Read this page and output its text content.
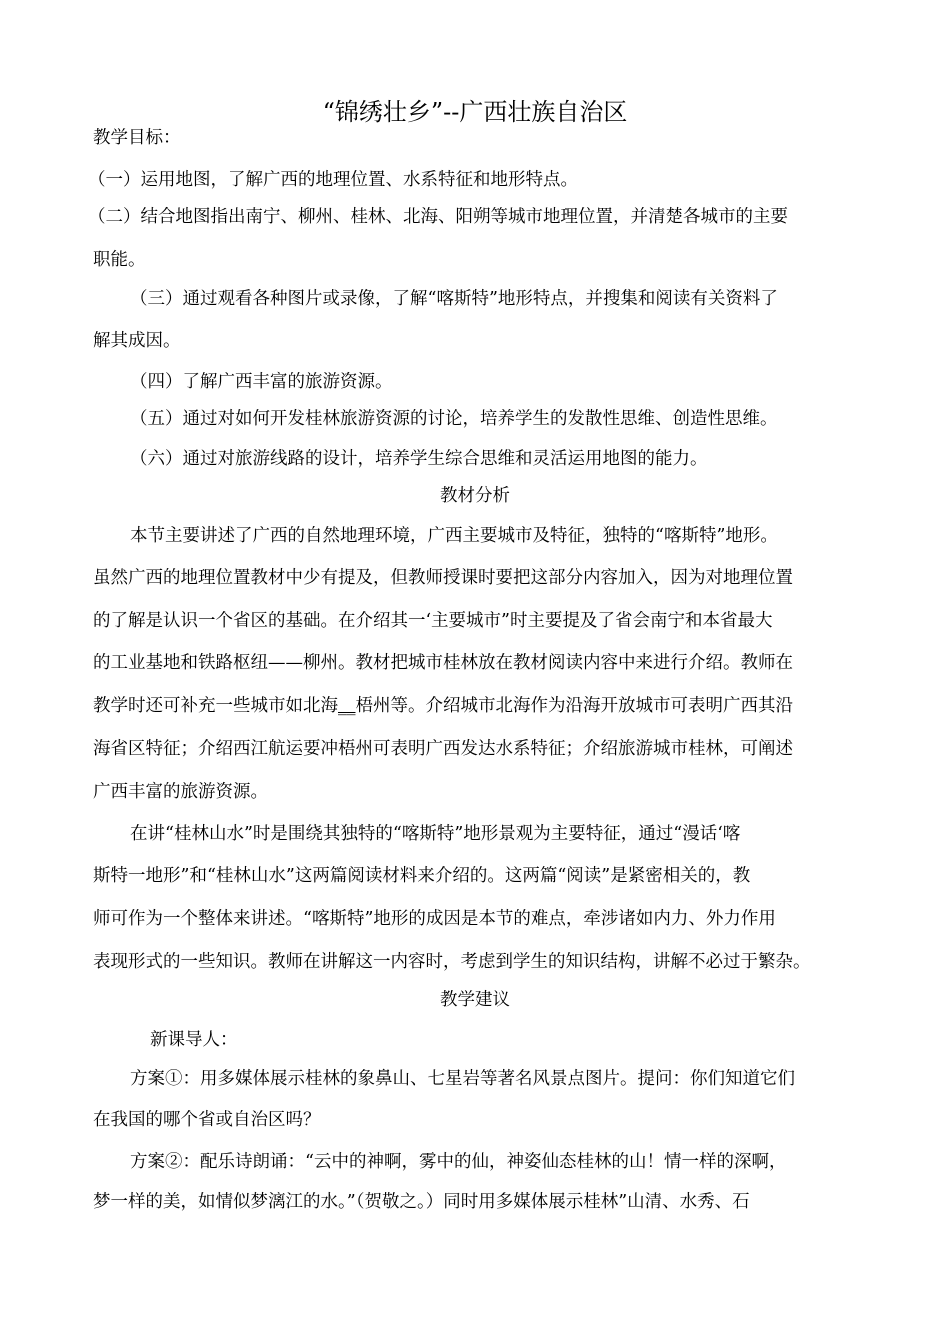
“锦绣壮乡”--广西壮族自治区

教学目标：

（一）运用地图，了解广西的地理位置、水系特征和地形特点。

（二）结合地图指出南宁、柳州、桂林、北海、阳朔等城市地理位置，并清楚各城市的主要

职能。

（三）通过观看各种图片或录像，了解“喀斯特”地形特点，并搜集和阅读有关资料了

解其成因。

（四）了解广西丰富的旅游资源。

（五）通过对如何开发桂林旅游资源的讨论，培养学生的发散性思维、创造性思维。

（六）通过对旅游线路的设计，培养学生综合思维和灵活运用地图的能力。

教材分析

本节主要讲述了广西的自然地理环境，广西主要城市及特征，独特的“喀斯特”地形。

虽然广西的地理位置教材中少有提及，但教师授课时要把这部分内容加入，因为对地理位置

的了解是认识一个省区的基础。在介绍其一‘主要城市”时主要提及了省会南宁和本省最大

的工业基地和铁路枢纽——柳州。教材把城市桂林放在教材阅读内容中来进行介绍。教师在

教学时还可补充一些城市如北海__梧州等。介绍城市北海作为沿海开放城市可表明广西其沿

海省区特征；介绍西江航运要冲梧州可表明广西发达水系特征；介绍旅游城市桂林，可阐述

广西丰富的旅游资源。

在讲“桂林山水”时是围绕其独特的“喀斯特”地形景观为主要特征，通过“漫话‘喀

斯特一地形”和“桂林山水”这两篇阅读材料来介绍的。这两篇“阅读”是紧密相关的，教

师可作为一个整体来讲述。“喀斯特”地形的成因是本节的难点，牵涉诸如内力、外力作用

表现形式的一些知识。教师在讲解这一内容时，考虑到学生的知识结构，讲解不必过于繁杂。

教学建议

新课导人：

方案①：用多媒体展示桂林的象鼻山、七星岩等著名风景点图片。提问：你们知道它们

在我国的哪个省或自治区吗？

方案②：配乐诗朗诵：“云中的神啊，雾中的仙，神姿仙态桂林的山！情一样的深啊，

梦一样的美，如情似梦漓江的水。”（贺敬之。）同时用多媒体展示桂林”山清、水秀、石
